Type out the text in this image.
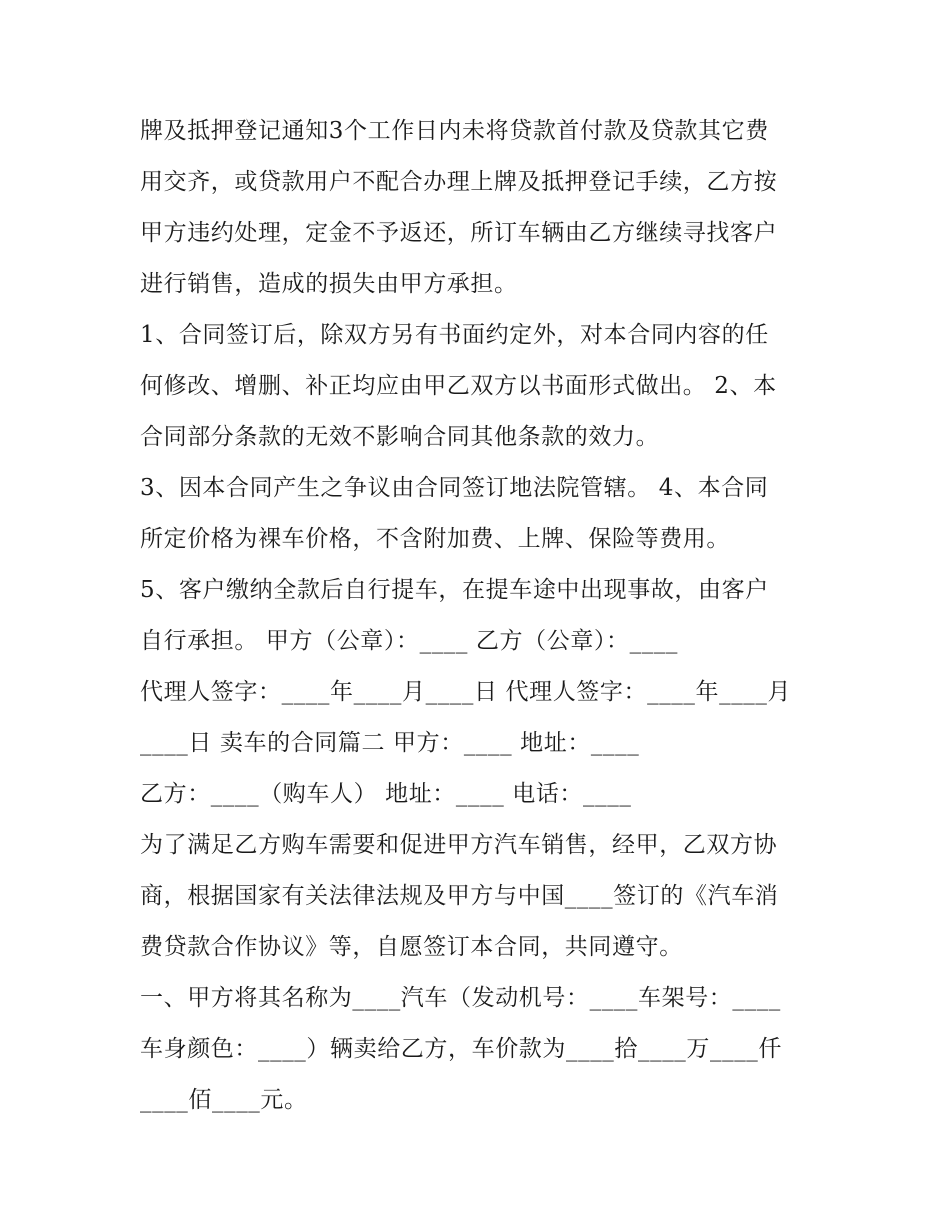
牌及抵押登记通知3个工作日内未将贷款首付款及贷款其它费
用交齐，或贷款用户不配合办理上牌及抵押登记手续，乙方按
甲方违约处理，定金不予返还，所订车辆由乙方继续寻找客户
进行销售，造成的损失由甲方承担。
1、合同签订后，除双方另有书面约定外，对本合同内容的任
何修改、增删、补正均应由甲乙双方以书面形式做出。 2、本
合同部分条款的无效不影响合同其他条款的效力。
3、因本合同产生之争议由合同签订地法院管辖。 4、本合同
所定价格为裸车价格，不含附加费、上牌、保险等费用。
5、客户缴纳全款后自行提车，在提车途中出现事故，由客户
自行承担。 甲方（公章）：____ 乙方（公章）：____
代理人签字：____年____月____日 代理人签字：____年____月
____日 卖车的合同篇二 甲方：____ 地址：____
乙方：____（购车人） 地址：____ 电话：____
为了满足乙方购车需要和促进甲方汽车销售，经甲，乙双方协
商，根据国家有关法律法规及甲方与中国____签订的《汽车消
费贷款合作协议》等，自愿签订本合同，共同遵守。
一、甲方将其名称为____汽车（发动机号：____车架号：____
车身颜色：____）辆卖给乙方，车价款为____拾____万____仟
____佰____元。
